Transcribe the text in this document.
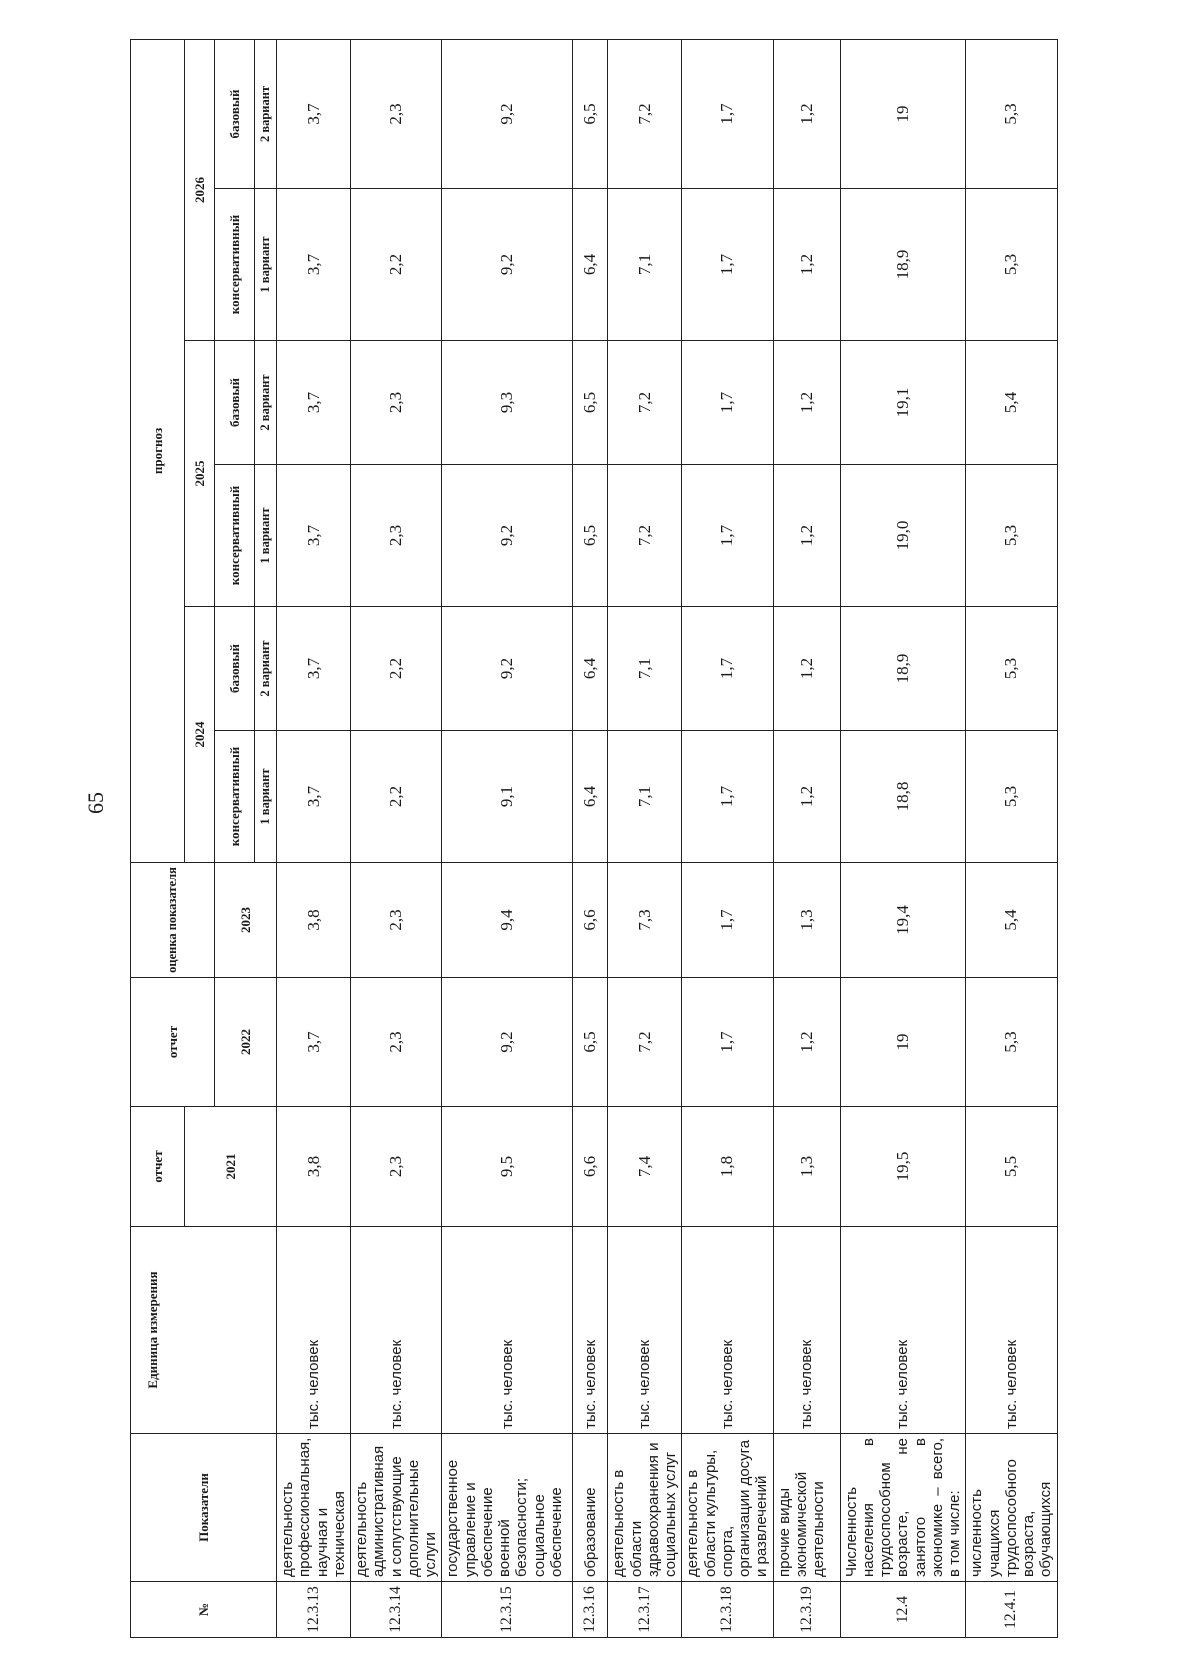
65
№	Показатели	Единица измерения	отчет	отчет	оценка показателя	прогноз					
			2021			2024		2025		2026	
				2022	2023	консервативный	базовый	консервативный	базовый	консервативный	базовый
						1 вариант	2 вариант	1 вариант	2 вариант	1 вариант	2 вариант
12.3.13	деятельность профессиональная, научная и техническая	тыс. человек	3,8	3,7	3,8	3,7	3,7	3,7	3,7	3,7	3,7
12.3.14	деятельность административная и сопутствующие дополнительные услуги	тыс. человек	2,3	2,3	2,3	2,2	2,2	2,3	2,3	2,2	2,3
12.3.15	государственное управление и обеспечение военной безопасности; социальное обеспечение	тыс. человек	9,5	9,2	9,4	9,1	9,2	9,2	9,3	9,2	9,2
12.3.16	образование	тыс. человек	6,6	6,5	6,6	6,4	6,4	6,5	6,5	6,4	6,5
12.3.17	деятельность в области здравоохранения и социальных услуг	тыс. человек	7,4	7,2	7,3	7,1	7,1	7,2	7,2	7,1	7,2
12.3.18	деятельность в области культуры, спорта, организации досуга и развлечений	тыс. человек	1,8	1,7	1,7	1,7	1,7	1,7	1,7	1,7	1,7
12.3.19	прочие виды экономической деятельности	тыс. человек	1,3	1,2	1,3	1,2	1,2	1,2	1,2	1,2	1,2
12.4	Численность населения в трудоспособном возрасте, не занятого в экономике – всего, в том числе:	тыс. человек	19,5	19	19,4	18,8	18,9	19,0	19,1	18,9	19
12.4.1	численность учащихся трудоспособного возраста, обучающихся	тыс. человек	5,5	5,3	5,4	5,3	5,3	5,3	5,4	5,3	5,3
